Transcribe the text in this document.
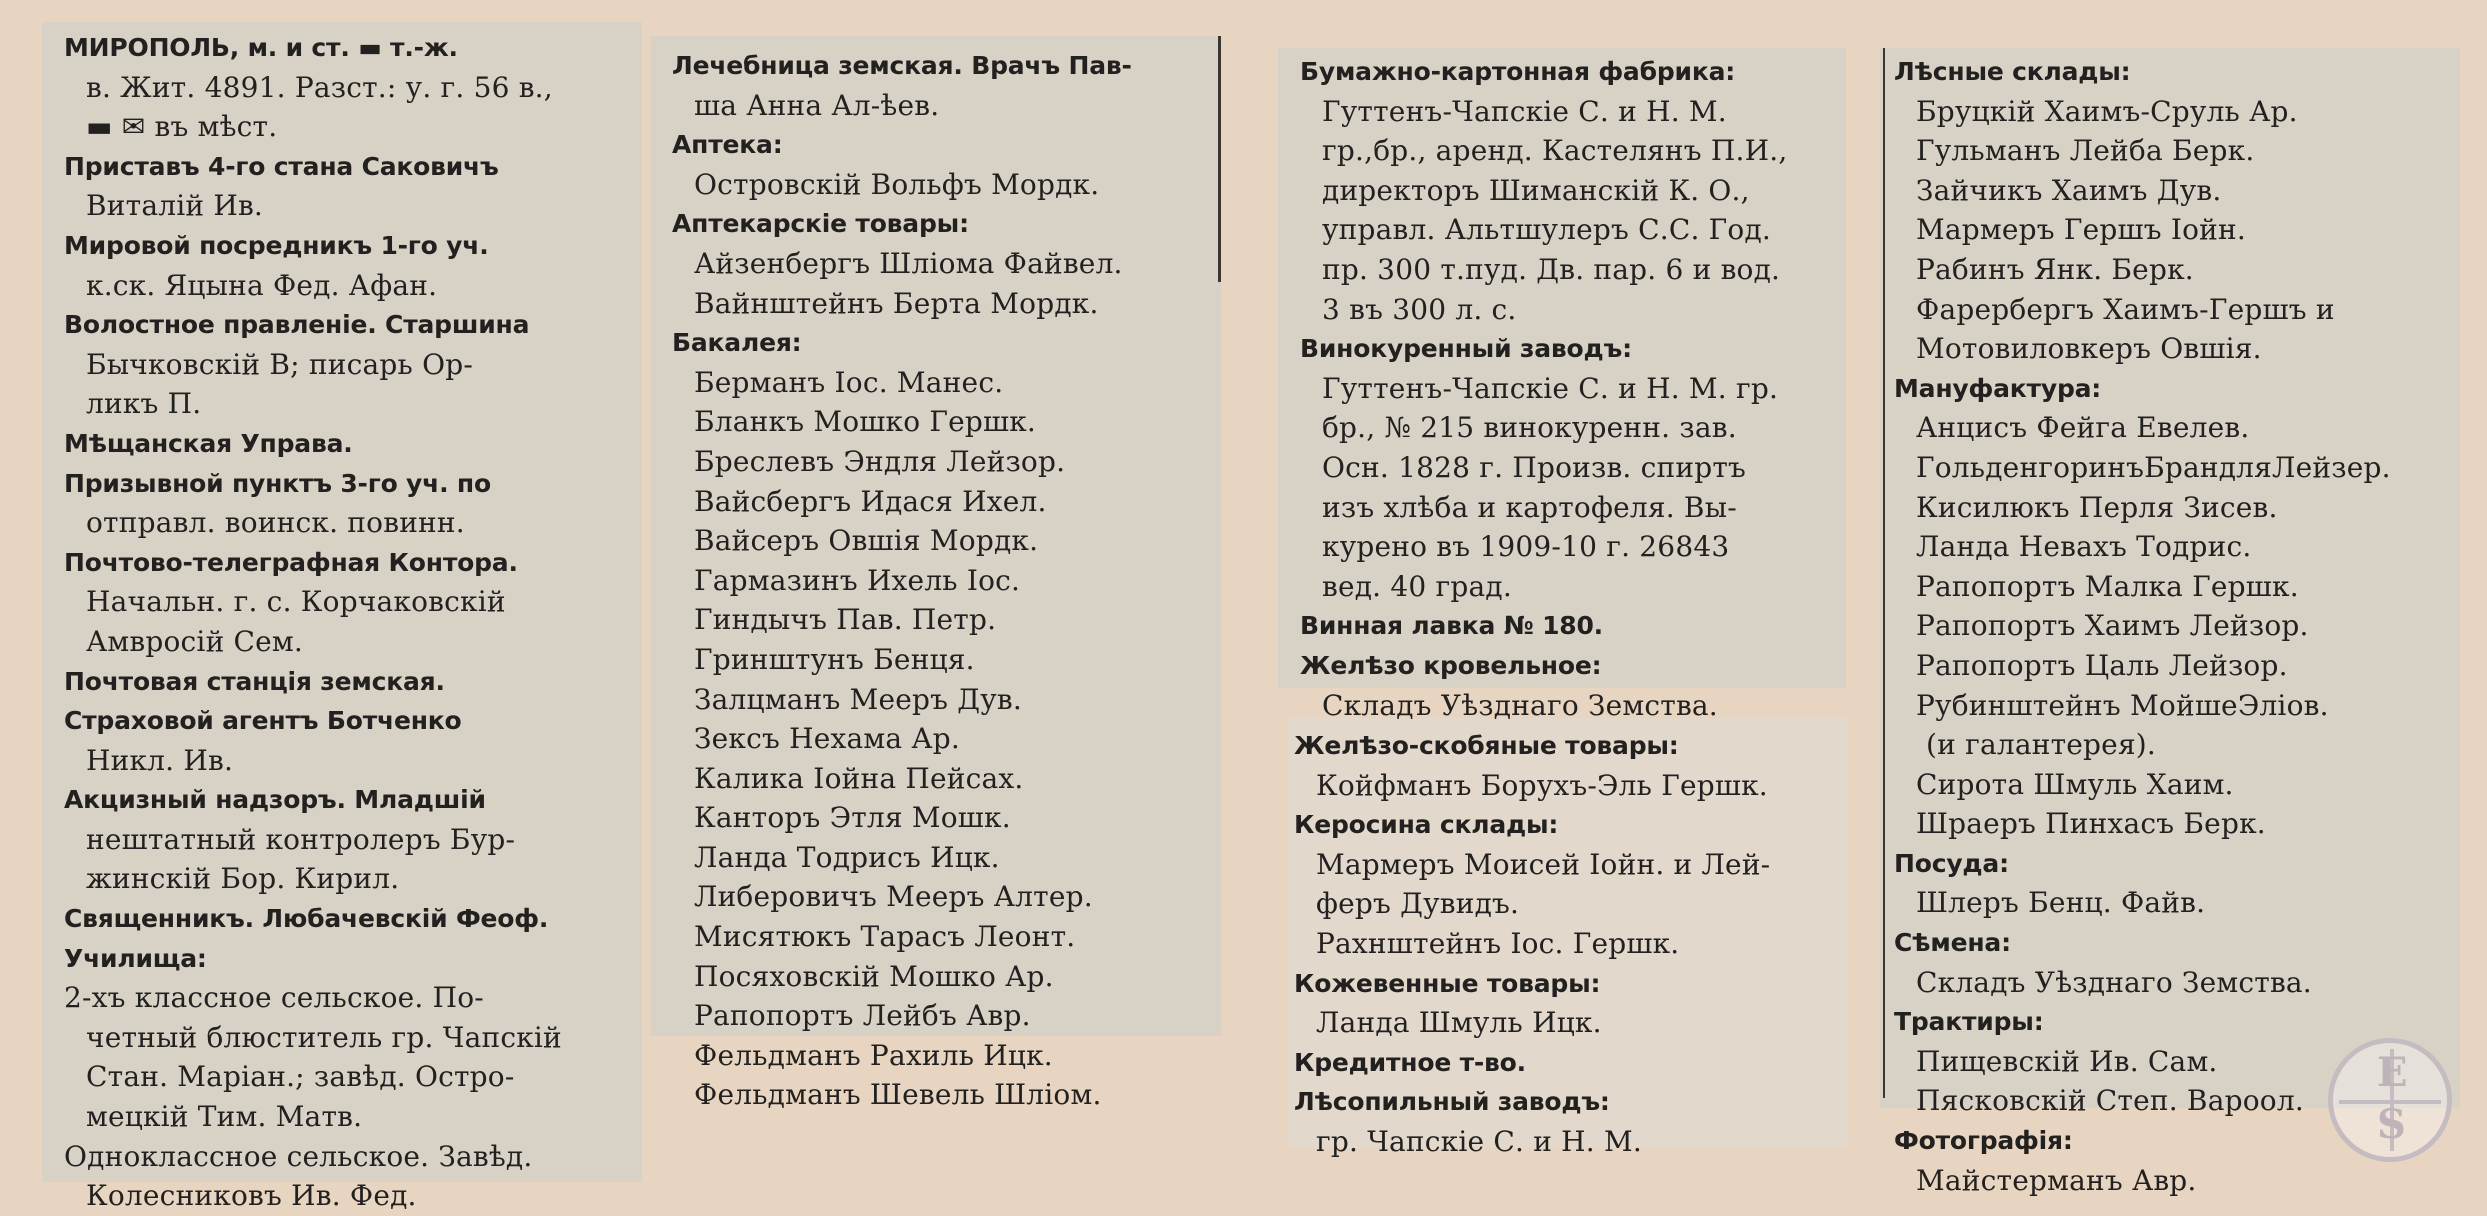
МИРОПОЛЬ, м. и ст. ▬ т.-ж.
в. Жит. 4891. Разст.: у. г. 56 в.,
▬ ✉ въ мѣст.
Приставъ 4-го стана Саковичъ
Виталій Ив.
Мировой посредникъ 1-го уч.
к.ск. Яцына Фед. Афан.
Волостное правленіе. Старшина
Бычковскій В; писарь Ор-
ликъ П.
Мѣщанская Управа.
Призывной пунктъ 3-го уч. по
отправл. воинск. повинн.
Почтово-телеграфная Контора.
Начальн. г. с. Корчаковскій
Амвросій Сем.
Почтовая станція земская.
Страховой агентъ Ботченко
Никл. Ив.
Акцизный надзоръ. Младшій
нештатный контролеръ Бур-
жинскій Бор. Кирил.
Священникъ. Любачевскій Феоф.
Училища:
2-хъ классное сельское. По-
четный блюститель гр. Чапскій
Стан. Маріан.; завѣд. Остро-
мецкій Тим. Матв.
Одноклассное сельское. Завѣд.
Колесниковъ Ив. Фед.
Лечебница земская. Врачъ Пав-
ша Анна Ал-ѣев.
Аптека:
Островскій Вольфъ Мордк.
Аптекарскіе товары:
Айзенбергъ Шліома Файвел.
Вайнштейнъ Берта Мордк.
Бакалея:
Берманъ Іос. Манес.
Бланкъ Мошко Гершк.
Бреслевъ Эндля Лейзор.
Вайсбергъ Идася Ихел.
Вайсеръ Овшія Мордк.
Гармазинъ Ихель Іос.
Гиндычъ Пав. Петр.
Гринштунъ Бенця.
Залцманъ Мееръ Дув.
Зексъ Нехама Ар.
Калика Іойна Пейсах.
Канторъ Этля Мошк.
Ланда Тодрисъ Ицк.
Либеровичъ Мееръ Алтер.
Мисятюкъ Тарасъ Леонт.
Посяховскій Мошко Ар.
Рапопортъ Лейбъ Авр.
Фельдманъ Рахиль Ицк.
Фельдманъ Шевель Шліом.
Бумажно-картонная фабрика:
Гуттенъ-Чапскіе С. и Н. М.
гр.,бр., аренд. Кастелянъ П.И.,
директоръ Шиманскій К. О.,
управл. Альтшулеръ С.С. Год.
пр. 300 т.пуд. Дв. пар. 6 и вод.
3 въ 300 л. с.
Винокуренный заводъ:
Гуттенъ-Чапскіе С. и Н. М. гр.
бр., № 215 винокуренн. зав.
Осн. 1828 г. Произв. спиртъ
изъ хлѣба и картофеля. Вы-
курено въ 1909-10 г. 26843
вед. 40 град.
Винная лавка № 180.
Желѣзо кровельное:
Складъ Уѣзднаго Земства.
Желѣзо-скобяные товары:
Койфманъ Борухъ-Эль Гершк.
Керосина склады:
Мармеръ Моисей Іойн. и Лей-
феръ Дувидъ.
Рахнштейнъ Іос. Гершк.
Кожевенные товары:
Ланда Шмуль Ицк.
Кредитное т-во.
Лѣсопильный заводъ:
гр. Чапскіе С. и Н. М.
Лѣсные склады:
Бруцкій Хаимъ-Сруль Ар.
Гульманъ Лейба Берк.
Зайчикъ Хаимъ Дув.
Мармеръ Гершъ Іойн.
Рабинъ Янк. Берк.
Фарербергъ Хаимъ-Гершъ и
Мотовиловкеръ Овшія.
Мануфактура:
Анцисъ Фейга Евелев.
ГольденгоринъБрандляЛейзер.
Кисилюкъ Перля Зисев.
Ланда Невахъ Тодрис.
Рапопортъ Малка Гершк.
Рапопортъ Хаимъ Лейзор.
Рапопортъ Цаль Лейзор.
Рубинштейнъ МойшеЭліов.
(и галантерея).
Сирота Шмуль Хаим.
Шраеръ Пинхасъ Берк.
Посуда:
Шлеръ Бенц. Файв.
Сѣмена:
Складъ Уѣзднаго Земства.
Трактиры:
Пищевскій Ив. Сам.
Пясковскій Степ. Вароол.
Фотографія:
Майстерманъ Авр.
E
S
